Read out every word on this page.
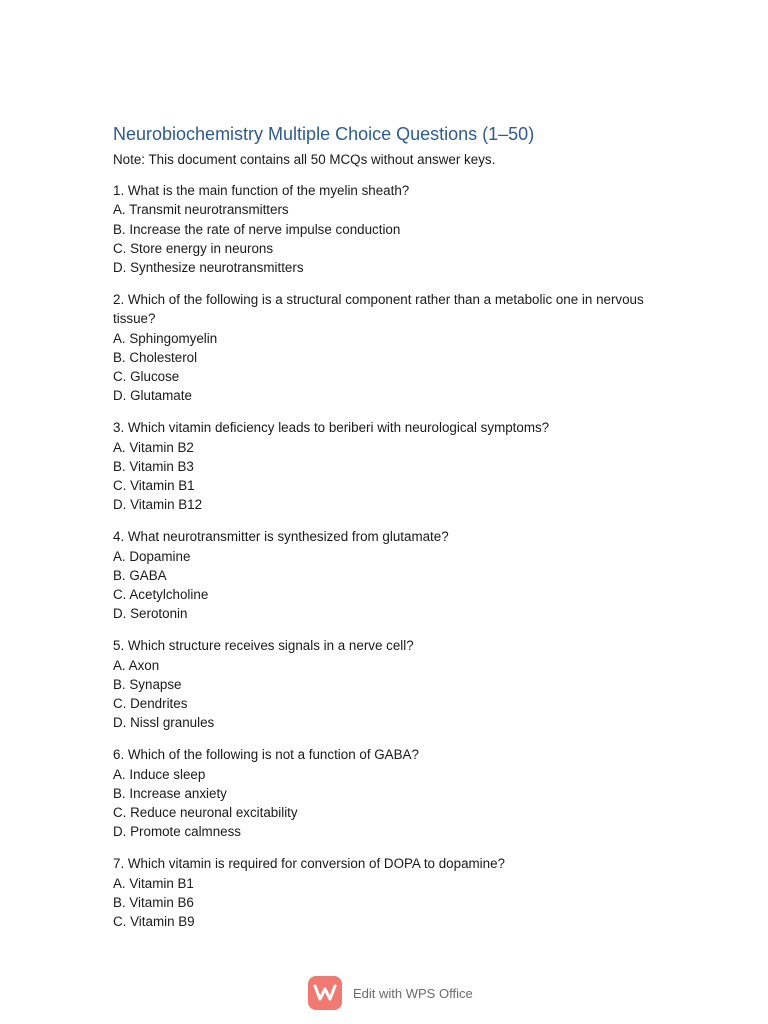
Neurobiochemistry Multiple Choice Questions (1–50)

Note: This document contains all 50 MCQs without answer keys.

1. What is the main function of the myelin sheath?

A. Transmit neurotransmitters

B. Increase the rate of nerve impulse conduction

C. Store energy in neurons

D. Synthesize neurotransmitters

2. Which of the following is a structural component rather than a metabolic one in nervous tissue?

A. Sphingomyelin

B. Cholesterol

C. Glucose

D. Glutamate

3. Which vitamin deficiency leads to beriberi with neurological symptoms?

A. Vitamin B2

B. Vitamin B3

C. Vitamin B1

D. Vitamin B12

4. What neurotransmitter is synthesized from glutamate?

A. Dopamine

B. GABA

C. Acetylcholine

D. Serotonin

5. Which structure receives signals in a nerve cell?

A. Axon

B. Synapse

C. Dendrites

D. Nissl granules

6. Which of the following is not a function of GABA?

A. Induce sleep

B. Increase anxiety

C. Reduce neuronal excitability

D. Promote calmness

7. Which vitamin is required for conversion of DOPA to dopamine?

A. Vitamin B1

B. Vitamin B6

C. Vitamin B9

Edit with WPS Office
